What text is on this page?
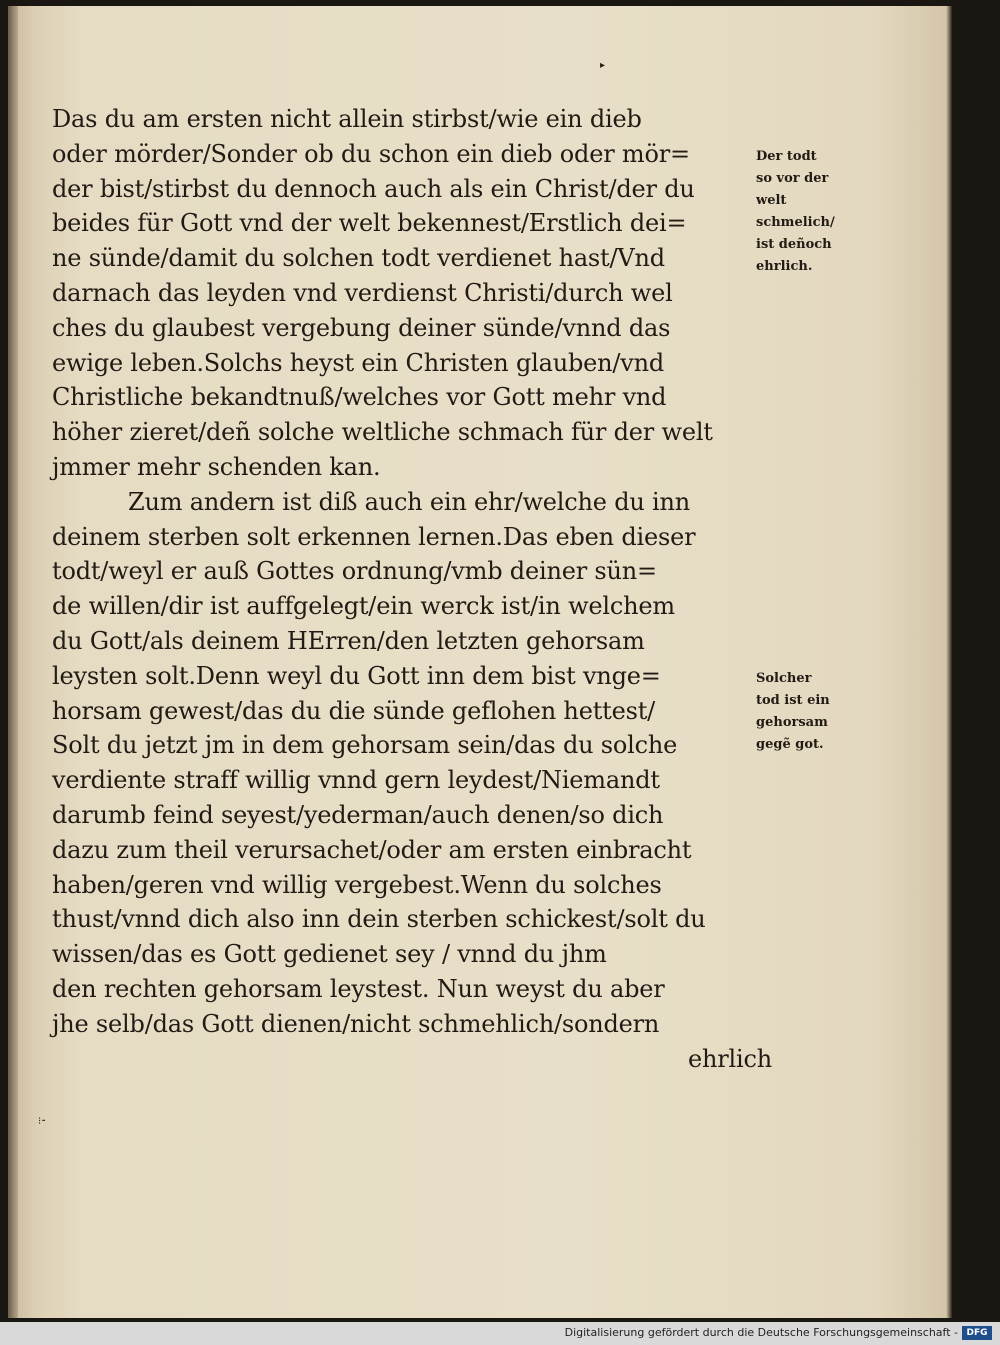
▸
Das du am ersten nicht allein stirbst/wie ein dieb
oder mörder/Sonder ob du schon ein dieb oder mör=
der bist/stirbst du dennoch auch als ein Christ/der du
beides für Gott vnd der welt bekennest/Erstlich dei=
ne sünde/damit du solchen todt verdienet hast/Vnd
darnach das leyden vnd verdienst Christi/durch wel
ches du glaubest vergebung deiner sünde/vnnd das
ewige leben.Solchs heyst ein Christen glauben/vnd
Christliche bekandtnuß/welches vor Gott mehr vnd
höher zieret/deñ solche weltliche schmach für der welt
jmmer mehr schenden kan.
Zum andern ist diß auch ein ehr/welche du inn
deinem sterben solt erkennen lernen.Das eben dieser
todt/weyl er auß Gottes ordnung/vmb deiner sün=
de willen/dir ist auffgelegt/ein werck ist/in welchem
du Gott/als deinem HErren/den letzten gehorsam
leysten solt.Denn weyl du Gott inn dem bist vnge=
horsam gewest/das du die sünde geflohen hettest/
Solt du jetzt jm in dem gehorsam sein/das du solche
verdiente straff willig vnnd gern leydest/Niemandt
darumb feind seyest/yederman/auch denen/so dich
dazu zum theil verursachet/oder am ersten einbracht
haben/geren vnd willig vergebest.Wenn du solches
thust/vnnd dich also inn dein sterben schickest/solt du
wissen/das es Gott gedienet sey / vnnd du jhm
den rechten gehorsam leystest. Nun weyst du aber
jhe selb/das Gott dienen/nicht schmehlich/sondern
ehrlich
Der todt
so vor der
welt
schmelich/
ist deñoch
ehrlich.
Solcher
tod ist ein
gehorsam
gegẽ got.
⁝⁃
Digitalisierung gefördert durch die Deutsche Forschungsgemeinschaft - DFG
